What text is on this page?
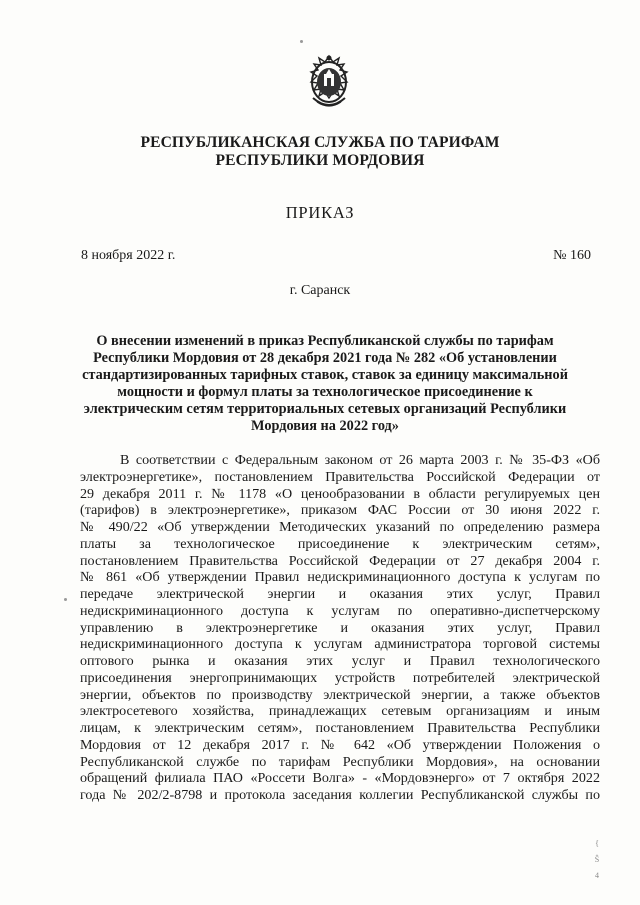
РЕСПУБЛИКАНСКАЯ СЛУЖБА ПО ТАРИФАМ
РЕСПУБЛИКИ МОРДОВИЯ
ПРИКАЗ
8 ноября 2022 г.	№ 160
г. Саранск
О внесении изменений в приказ Республиканской службы по тарифам
Республики Мордовия от 28 декабря 2021 года № 282 «Об установлении
стандартизированных тарифных ставок, ставок за единицу максимальной
мощности и формул платы за технологическое присоединение к
электрическим сетям территориальных сетевых организаций Республики
Мордовия на 2022 год»
В соответствии с Федеральным законом от 26 марта 2003 г. № 35-ФЗ «Об
электроэнергетике», постановлением Правительства Российской Федерации от
29 декабря 2011 г. № 1178 «О ценообразовании в области регулируемых цен
(тарифов) в электроэнергетике», приказом ФАС России от 30 июня 2022 г.
№ 490/22 «Об утверждении Методических указаний по определению размера
платы за технологическое присоединение к электрическим сетям»,
постановлением Правительства Российской Федерации от 27 декабря 2004 г.
№ 861 «Об утверждении Правил недискриминационного доступа к услугам по
передаче электрической энергии и оказания этих услуг, Правил
недискриминационного доступа к услугам по оперативно-диспетчерскому
управлению в электроэнергетике и оказания этих услуг, Правил
недискриминационного доступа к услугам администратора торговой системы
оптового рынка и оказания этих услуг и Правил технологического
присоединения энергопринимающих устройств потребителей электрической
энергии, объектов по производству электрической энергии, а также объектов
электросетевого хозяйства, принадлежащих сетевым организациям и иным
лицам, к электрическим сетям», постановлением Правительства Республики
Мордовия от 12 декабря 2017 г. № 642 «Об утверждении Положения о
Республиканской службе по тарифам Республики Мордовия», на основании
обращений филиала ПАО «Россети Волга» - «Мордовэнерго» от 7 октября 2022
года № 202/2-8798 и протокола заседания коллегии Республиканской службы по
{
Ŝ
4
